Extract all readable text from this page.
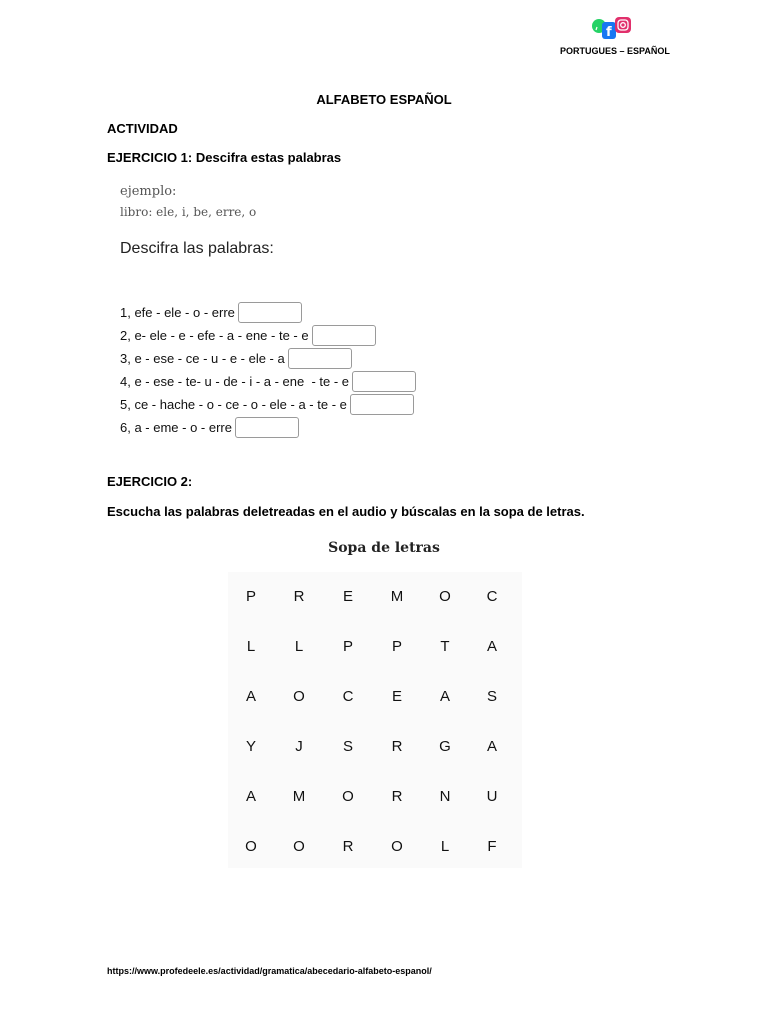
f
PORTUGUES – ESPAÑOL
ALFABETO ESPAÑOL
ACTIVIDAD
EJERCICIO 1: Descifra estas palabras
ejemplo:
libro: ele, i, be, erre, o
Descifra las palabras:
1, efe - ele - o - erre
2, e- ele - e - efe - a - ene - te - e
3, e - ese - ce - u - e - ele - a
4, e - ese - te- u - de - i - a - ene  - te - e
5, ce - hache - o - ce - o - ele - a - te - e
6, a - eme - o - erre
EJERCICIO 2:
Escucha las palabras deletreadas en el audio y búscalas en la sopa de letras.
Sopa de letras
P	R	E	M	O	C
L	L	P	P	T	A
A	O	C	E	A	S
Y	J	S	R	G	A
A	M	O	R	N	U
O	O	R	O	L	F
https://www.profedeele.es/actividad/gramatica/abecedario-alfabeto-espanol/
